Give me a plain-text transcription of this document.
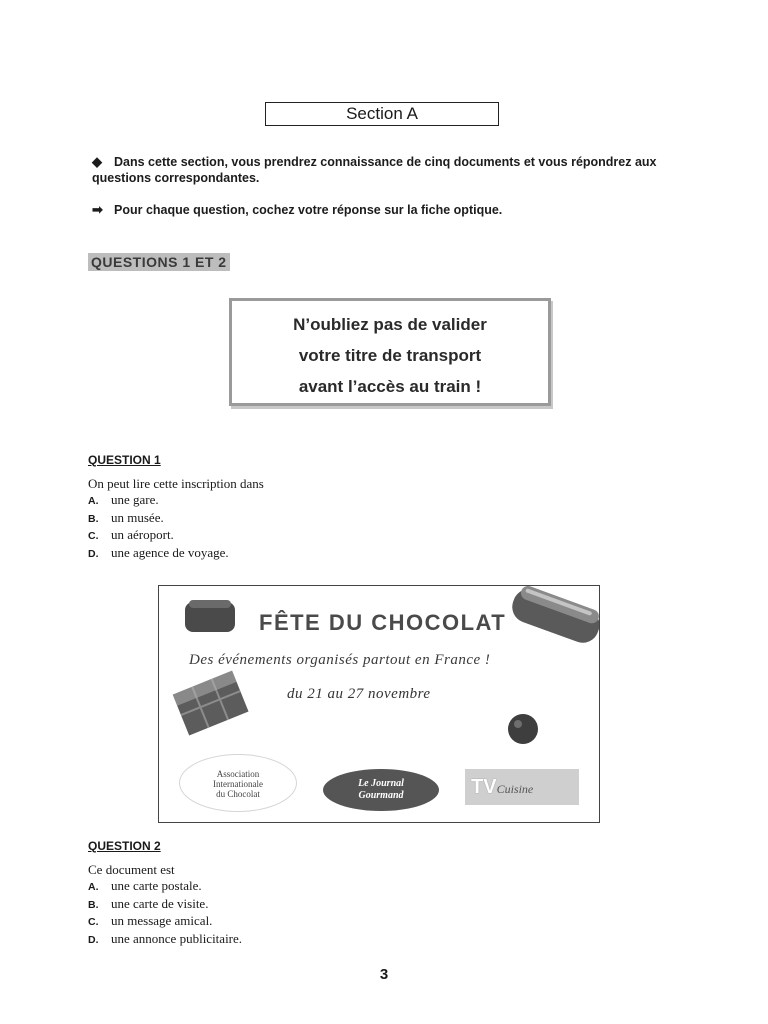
Section A
◆ Dans cette section, vous prendrez connaissance de cinq documents et vous répondrez aux questions correspondantes.
➡ Pour chaque question, cochez votre réponse sur la fiche optique.
QUESTIONS 1 ET 2
N’oubliez pas de valider
votre titre de transport
avant l’accès au train !
QUESTION 1
On peut lire cette inscription dans
A. une gare.
B. un musée.
C. un aéroport.
D. une agence de voyage.
FÊTE DU CHOCOLAT
Des événements organisés partout en France !
du 21 au 27 novembre
Association
Internationale
du Chocolat
Le Journal
Gourmand	TVCuisine
QUESTION 2
Ce document est
A. une carte postale.
B. une carte de visite.
C. un message amical.
D. une annonce publicitaire.
3
